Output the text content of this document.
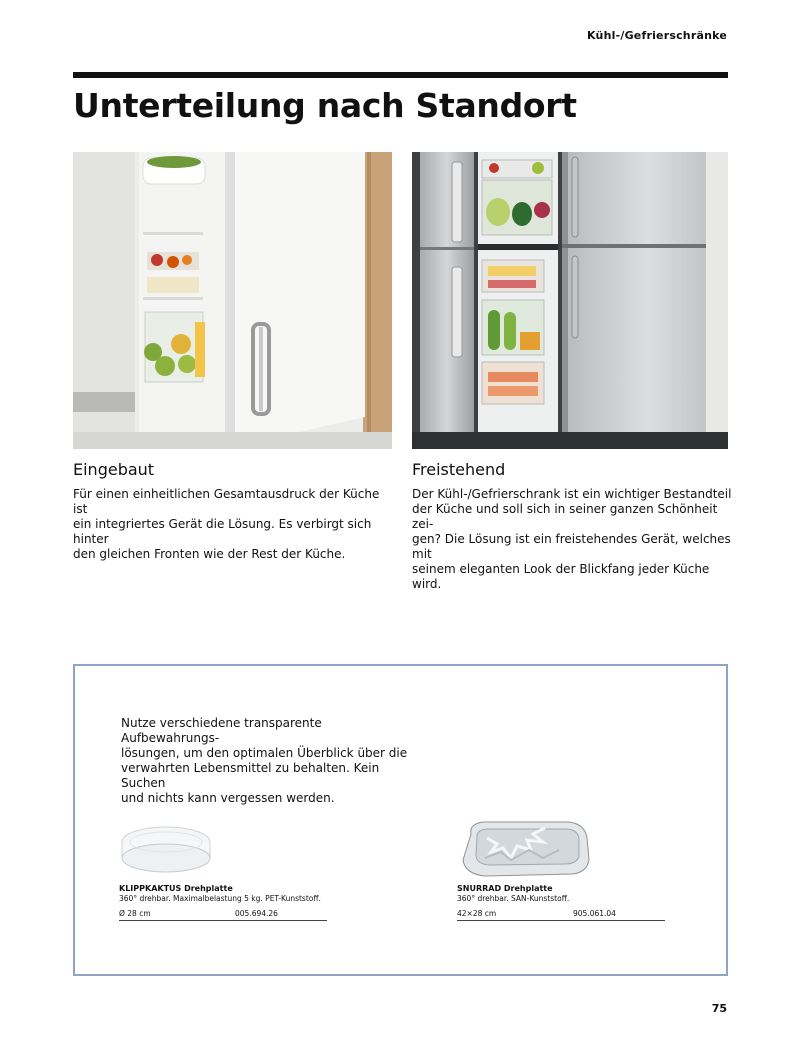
Kühl-/Gefrierschränke
Unterteilung nach Standort
Eingebaut

Für einen einheitlichen Gesamtausdruck der Küche ist
ein integriertes Gerät die Lösung. Es verbirgt sich hinter
den gleichen Fronten wie der Rest der Küche.

Freistehend

Der Kühl-/Gefrierschrank ist ein wichtiger Bestandteil
der Küche und soll sich in seiner ganzen Schönheit zei-
gen? Die Lösung ist ein freistehendes Gerät, welches mit
seinem eleganten Look der Blickfang jeder Küche wird.

Nutze verschiedene transparente Aufbewahrungs-
lösungen, um den optimalen Überblick über die
verwahrten Lebensmittel zu behalten. Kein Suchen
und nichts kann vergessen werden.

KLIPPKAKTUS Drehplatte
360° drehbar. Maximalbelastung 5 kg. PET-Kunststoff.
Ø 28 cm	005.694.26
SNURRAD Drehplatte
360° drehbar. SAN-Kunststoff.
42×28 cm	905.061.04
75
